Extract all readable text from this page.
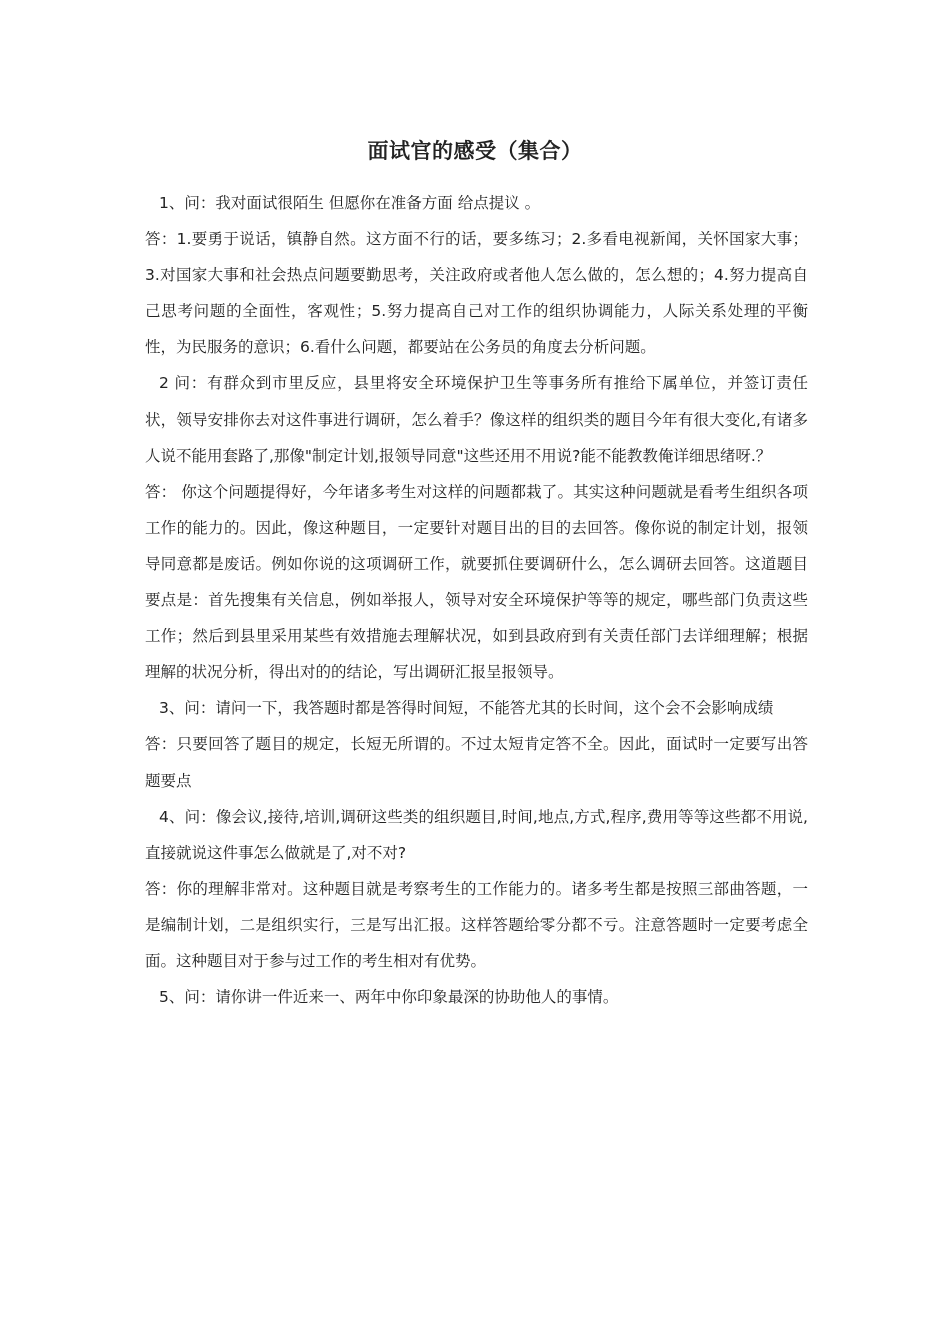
面试官的感受（集合）

1、问：我对面试很陌生 但愿你在准备方面 给点提议 。

答：1.要勇于说话，镇静自然。这方面不行的话，要多练习；2.多看电视新闻，关怀国家大事；3.对国家大事和社会热点问题要勤思考，关注政府或者他人怎么做的，怎么想的；4.努力提高自己思考问题的全面性，客观性；5.努力提高自己对工作的组织协调能力，人际关系处理的平衡性，为民服务的意识；6.看什么问题，都要站在公务员的角度去分析问题。

2 问：有群众到市里反应，县里将安全环境保护卫生等事务所有推给下属单位，并签订责任状，领导安排你去对这件事进行调研，怎么着手？像这样的组织类的题目今年有很大变化,有诸多人说不能用套路了,那像"制定计划,报领导同意"这些还用不用说?能不能教教俺详细思绪呀.？

答： 你这个问题提得好，今年诸多考生对这样的问题都栽了。其实这种问题就是看考生组织各项工作的能力的。因此，像这种题目，一定要针对题目出的目的去回答。像你说的制定计划，报领导同意都是废话。例如你说的这项调研工作，就要抓住要调研什么，怎么调研去回答。这道题目要点是：首先搜集有关信息，例如举报人，领导对安全环境保护等等的规定，哪些部门负责这些工作；然后到县里采用某些有效措施去理解状况，如到县政府到有关责任部门去详细理解；根据理解的状况分析，得出对的的结论，写出调研汇报呈报领导。

3、问：请问一下，我答题时都是答得时间短，不能答尤其的长时间，这个会不会影响成绩

答：只要回答了题目的规定，长短无所谓的。不过太短肯定答不全。因此，面试时一定要写出答题要点

4、问：像会议,接待,培训,调研这些类的组织题目,时间,地点,方式,程序,费用等等这些都不用说,直接就说这件事怎么做就是了,对不对?

答：你的理解非常对。这种题目就是考察考生的工作能力的。诸多考生都是按照三部曲答题，一是编制计划，二是组织实行，三是写出汇报。这样答题给零分都不亏。注意答题时一定要考虑全面。这种题目对于参与过工作的考生相对有优势。

5、问：请你讲一件近来一、两年中你印象最深的协助他人的事情。
